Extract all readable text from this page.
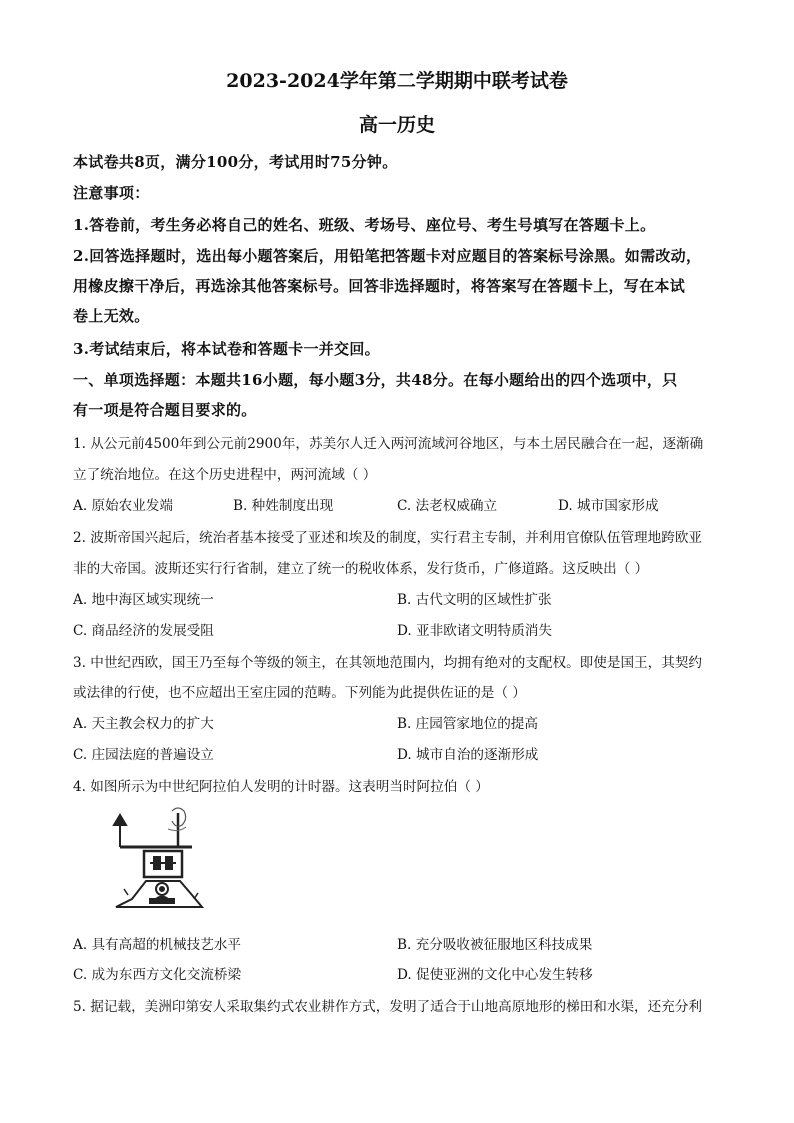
2023-2024学年第二学期期中联考试卷
高一历史
本试卷共8页，满分100分，考试用时75分钟。
注意事项：
1.答卷前，考生务必将自己的姓名、班级、考场号、座位号、考生号填写在答题卡上。
2.回答选择题时，选出每小题答案后，用铅笔把答题卡对应题目的答案标号涂黑。如需改动，
用橡皮擦干净后，再选涂其他答案标号。回答非选择题时，将答案写在答题卡上，写在本试
卷上无效。
3.考试结束后，将本试卷和答题卡一并交回。
一、单项选择题：本题共16小题，每小题3分，共48分。在每小题给出的四个选项中，只
有一项是符合题目要求的。
1. 从公元前4500年到公元前2900年，苏美尔人迁入两河流域河谷地区，与本土居民融合在一起，逐渐确
立了统治地位。在这个历史进程中，两河流域（ ）
A. 原始农业发端	B. 种姓制度出现	C. 法老权威确立	D. 城市国家形成
2. 波斯帝国兴起后，统治者基本接受了亚述和埃及的制度，实行君主专制，并利用官僚队伍管理地跨欧亚
非的大帝国。波斯还实行行省制，建立了统一的税收体系，发行货币，广修道路。这反映出（ ）
A. 地中海区域实现统一	B. 古代文明的区域性扩张
C. 商品经济的发展受阻	D. 亚非欧诸文明特质消失
3. 中世纪西欧，国王乃至每个等级的领主，在其领地范围内，均拥有绝对的支配权。即使是国王，其契约
或法律的行使，也不应超出王室庄园的范畴。下列能为此提供佐证的是（ ）
A. 天主教会权力的扩大	B. 庄园管家地位的提高
C. 庄园法庭的普遍设立	D. 城市自治的逐渐形成
4. 如图所示为中世纪阿拉伯人发明的计时器。这表明当时阿拉伯（ ）
A. 具有高超的机械技艺水平	B. 充分吸收被征服地区科技成果
C. 成为东西方文化交流桥梁	D. 促使亚洲的文化中心发生转移
5. 据记载，美洲印第安人采取集约式农业耕作方式，发明了适合于山地高原地形的梯田和水渠，还充分利
